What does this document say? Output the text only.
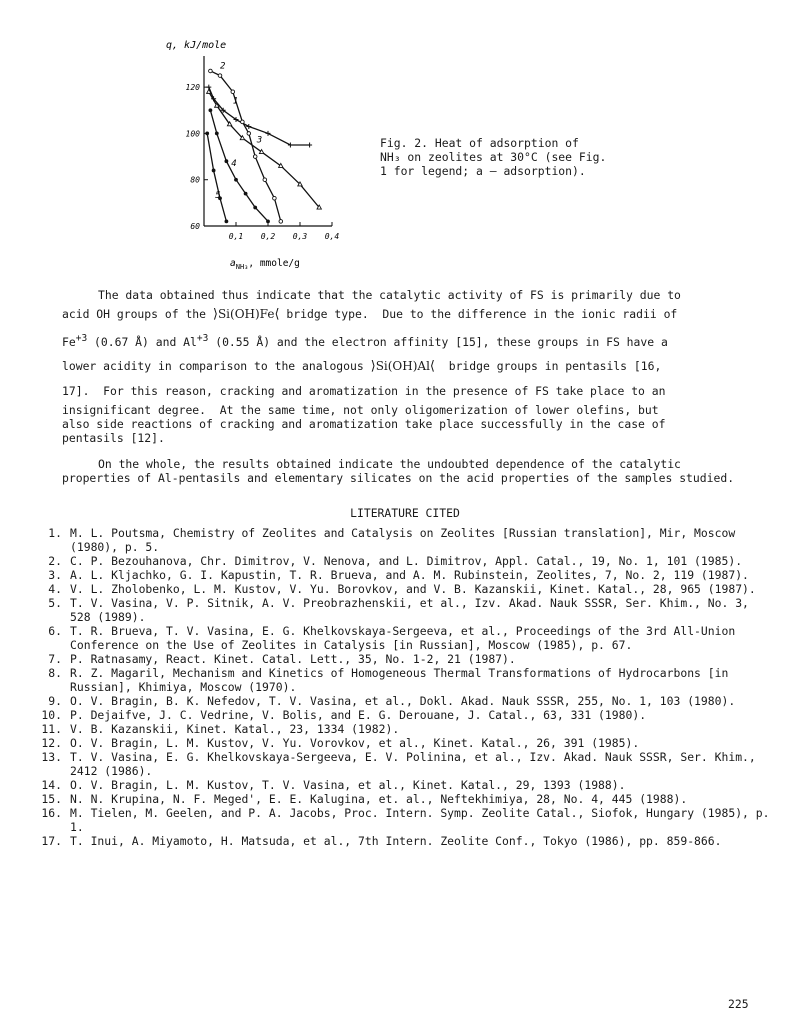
60
80
100
120
0,1 0,2 0,3 0,4
1
2
3
4
5
q, kJ/mole
$a_{NH_3}$, mmole/g

Fig. 2. Heat of adsorption of

NH₃ on zeolites at 30°C (see Fig.

1 for legend; a — adsorption).

The data obtained thus indicate that the catalytic activity of FS is primarily due to
acid OH groups of the ⟩Si(OH)Fe⟨ bridge type.  Due to the difference in the ionic radii of
$Fe^{+3}$ (0.67 Å) and $Al^{+3}$ (0.55 Å) and the electron affinity [15], these groups in FS have a
lower acidity in comparison to the analogous ⟩Si(OH)Al⟨  bridge groups in pentasils [16,
17].  For this reason, cracking and aromatization in the presence of FS take place to an
insignificant degree.  At the same time, not only oligomerization of lower olefins, but
also side reactions of cracking and aromatization take place successfully in the case of
pentasils [12].

On the whole, the results obtained indicate the undoubted dependence of the catalytic properties of Al-pentasils and elementary silicates on the acid properties of the samples studied.

LITERATURE CITED
1. M. L. Poutsma, Chemistry of Zeolites and Catalysis on Zeolites [Russian translation], Mir, Moscow (1980), p. 5.
2. C. P. Bezouhanova, Chr. Dimitrov, V. Nenova, and L. Dimitrov, Appl. Catal., 19, No. 1, 101 (1985).
3. A. L. Kljachko, G. I. Kapustin, T. R. Brueva, and A. M. Rubinstein, Zeolites, 7, No. 2, 119 (1987).
4. V. L. Zholobenko, L. M. Kustov, V. Yu. Borovkov, and V. B. Kazanskii, Kinet. Katal., 28, 965 (1987).
5. T. V. Vasina, V. P. Sitnik, A. V. Preobrazhenskii, et al., Izv. Akad. Nauk SSSR, Ser. Khim., No. 3, 528 (1989).
6. T. R. Brueva, T. V. Vasina, E. G. Khelkovskaya-Sergeeva, et al., Proceedings of the 3rd All-Union Conference on the Use of Zeolites in Catalysis [in Russian], Moscow (1985), p. 67.
7. P. Ratnasamy, React. Kinet. Catal. Lett., 35, No. 1-2, 21 (1987).
8. R. Z. Magaril, Mechanism and Kinetics of Homogeneous Thermal Transformations of Hydrocarbons [in Russian], Khimiya, Moscow (1970).
9. O. V. Bragin, B. K. Nefedov, T. V. Vasina, et al., Dokl. Akad. Nauk SSSR, 255, No. 1, 103 (1980).
10. P. Dejaifve, J. C. Vedrine, V. Bolis, and E. G. Derouane, J. Catal., 63, 331 (1980).
11. V. B. Kazanskii, Kinet. Katal., 23, 1334 (1982).
12. O. V. Bragin, L. M. Kustov, V. Yu. Vorovkov, et al., Kinet. Katal., 26, 391 (1985).
13. T. V. Vasina, E. G. Khelkovskaya-Sergeeva, E. V. Polinina, et al., Izv. Akad. Nauk SSSR, Ser. Khim., 2412 (1986).
14. O. V. Bragin, L. M. Kustov, T. V. Vasina, et al., Kinet. Katal., 29, 1393 (1988).
15. N. N. Krupina, N. F. Meged', E. E. Kalugina, et. al., Neftekhimiya, 28, No. 4, 445 (1988).
16. M. Tielen, M. Geelen, and P. A. Jacobs, Proc. Intern. Symp. Zeolite Catal., Siofok, Hungary (1985), p. 1.
17. T. Inui, A. Miyamoto, H. Matsuda, et al., 7th Intern. Zeolite Conf., Tokyo (1986), pp. 859-866.
225
